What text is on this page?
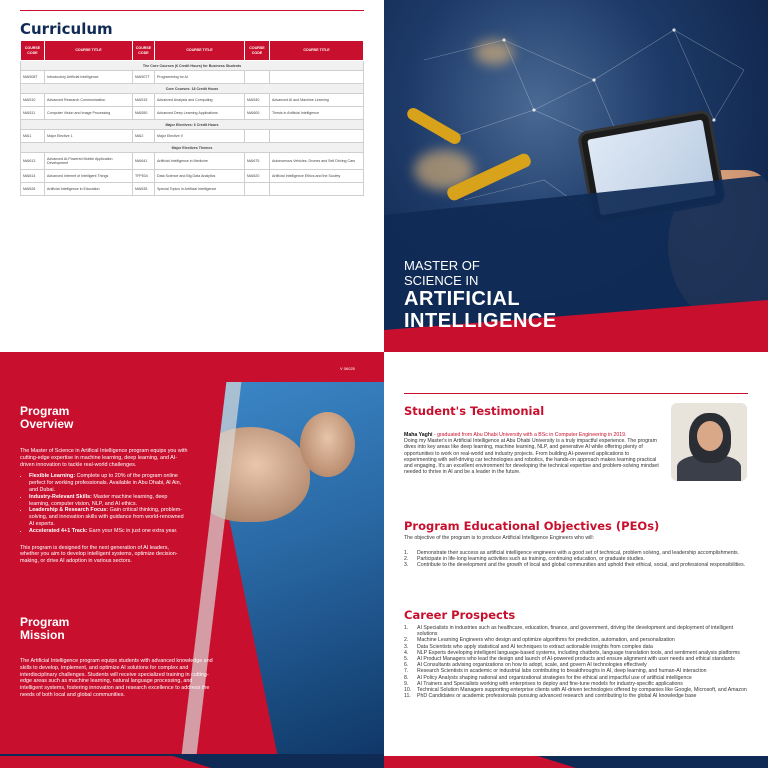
Curriculum
COURSE CODE	COURSE TITLE	COURSE CODE	COURSE TITLE	COURSE CODE	COURSE TITLE
The Core Courses (6 Credit Hours) for Business Students					
MAI508T	Introductory Artificial Intelligence	MAI507T	Programming for AI		
Core Courses: 18 Credit Hours					
MAI510	Advanced Research Communication	MAI515	Advanced Analysis and Computing	MAI540	Advanced AI and Machine Learning
MAI511	Computer Vision and Image Processing	MAI550	Advanced Deep Learning Applications	MAI600	Thesis in Artificial Intelligence
Major Electives: 6 Credit Hours					
MAI1	Major Elective 1	MAI2	Major Elective II		
Major Electives Themes					
MAI613	Advanced AI-Powered Mobile Application Development	MAI641	Artificial Intelligence in Medicine	MAI675	Autonomous Vehicles, Drones and Self Driving Cars
MAI614	Advanced Internet of Intelligent Things	TFP534	Data Science and Big Data Analytics	MAI620	Artificial Intelligence Ethics and the Society
MAI626	Artificial Intelligence in Education	MAI635	Special Topics in Artificial Intelligence		
MASTER OF
SCIENCE IN
ARTIFICIAL
INTELLIGENCE
Program
Overview
The Master of Science in Artifical Intelligence program equips you with cutting-edge expertise in machine learning, deep learning, and AI-driven innovation to tackle real-world challenges.
• Flexible Learning: Complete up to 20% of the program online perfect for working professionals. Available in Abu Dhabi, Al Ain, and Dubai.
• Industry-Relevant Skills: Master machine learning, deep learning, computer vision, NLP, and AI ethics.
• Leadership & Research Focus: Gain critical thinking, problem-solving, and innovation skills with guidance from world-renowned AI experts.
• Accelerated 4+1 Track: Earn your MSc in just one extra year.
This program is designed for the next generation of AI leaders, whether you aim to develop intelligent systems, optimize decision-making, or drive AI adoption in various sectors.
Program
Mission
The Artificial Intelligence program equips students with advanced knowledge and skills to develop, implement, and optimize AI solutions for complex and interdisciplinary challenges. Students will receive specialized training in cutting-edge areas such as machine learning, natural language processing, and intelligent systems, fostering innovation and research excellence to address the needs of both local and global communities.
V 06025
Student's Testimonial
Maha Yaghi - graduated from Abu Dhabi University with a BSc in Computer Engineering in 2019.
Doing my Master's in Artificial Intelligence at Abu Dhabi University is a truly impactful experience. The program dives into key areas like deep learning, machine learning, NLP, and generative AI while offering plenty of opportunities to work on real-world and industry projects. From building AI-powered applications to experimenting with self-driving car technologies and robotics, the hands-on approach makes learning practical and engaging. It's an excellent environment for developing the technical expertise and problem-solving mindset needed to thrive in AI and be a leader in the future.
Program Educational Objectives (PEOs)
The objective of the program is to produce Artificial Intelligence Engineers who will:
1. Demonstrate their success as artificial intelligence engineers with a good set of technical, problem solving, and leadership accomplishments.
2. Participate in life-long learning activities such as training, continuing education, or graduate studies.
3. Contribute to the development and the growth of local and global communities and uphold their ethical, social, and professional responsibilities.
Career Prospects
1. AI Specialists in industries such as healthcare, education, finance, and government, driving the development and deployment of intelligent solutions
2. Machine Learning Engineers who design and optimize algorithms for prediction, automation, and personalization
3. Data Scientists who apply statistical and AI techniques to extract actionable insights from complex data
4. NLP Experts developing intelligent language-based systems, including chatbots, language translation tools, and sentiment analysis platforms
5. AI Product Managers who lead the design and launch of AI-powered products and ensure alignment with user needs and ethical standards
6. AI Consultants advising organizations on how to adopt, scale, and govern AI technologies effectively
7. Research Scientists in academic or industrial labs contributing to breakthroughs in AI, deep learning, and human-AI interaction
8. AI Policy Analysts shaping national and organizational strategies for the ethical and impactful use of artificial intelligence
9. AI Trainers and Specialists working with enterprises to deploy and fine-tune models for industry-specific applications
10. Technical Solution Managers supporting enterprise clients with AI-driven technologies offered by companies like Google, Microsoft, and Amazon
11. PhD Candidates or academic professionals pursuing advanced research and contributing to the global AI knowledge base
